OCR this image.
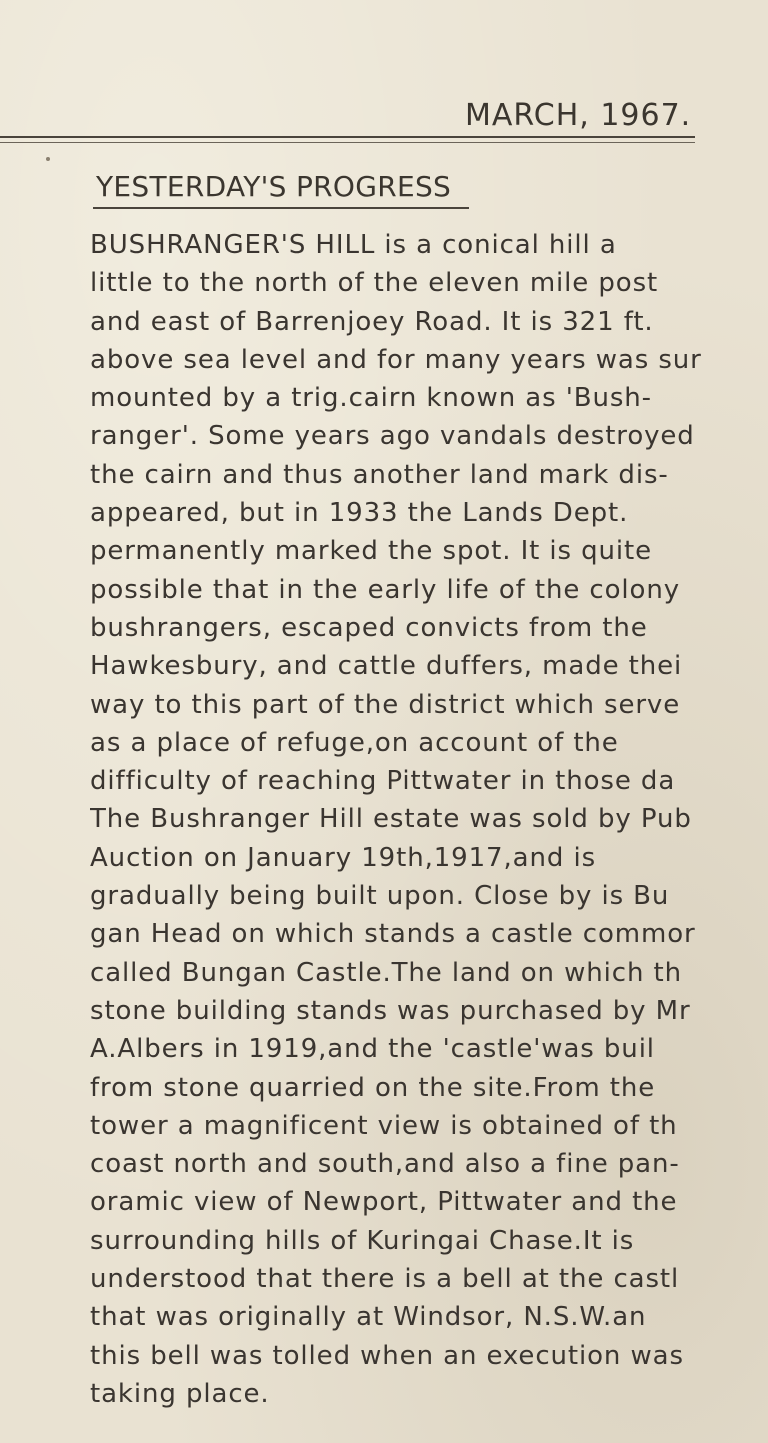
MARCH, 1967.
YESTERDAY'S PROGRESS
BUSHRANGER'S HILL is a conical hill a
little to the north of the eleven mile post
and east of Barrenjoey Road. It is 321 ft.
above sea level and for many years was sur
mounted by a trig.cairn known as 'Bush-
ranger'. Some years ago vandals destroyed
the cairn and thus another land mark dis-
appeared, but in 1933 the Lands Dept.
permanently marked the spot. It is quite
possible that in the early life of the colony
bushrangers, escaped convicts from the
Hawkesbury, and cattle duffers, made thei
way to this part of the district which serve
as a place of refuge,on account of the
difficulty of reaching Pittwater in those da
The Bushranger Hill estate was sold by Pub
Auction on January 19th,1917,and is
gradually being built upon. Close by is Bu
gan Head on which stands a castle commor
called Bungan Castle.The land on which th
stone building stands was purchased by Mr
A.Albers in 1919,and the 'castle'was buil
from stone quarried on the site.From the
tower a magnificent view is obtained of th
coast north and south,and also a fine pan-
oramic view of Newport, Pittwater and the
surrounding hills of Kuringai Chase.It is
understood that there is a bell at the castl
that was originally at Windsor, N.S.W.an
this bell was tolled when an execution was
taking place.
